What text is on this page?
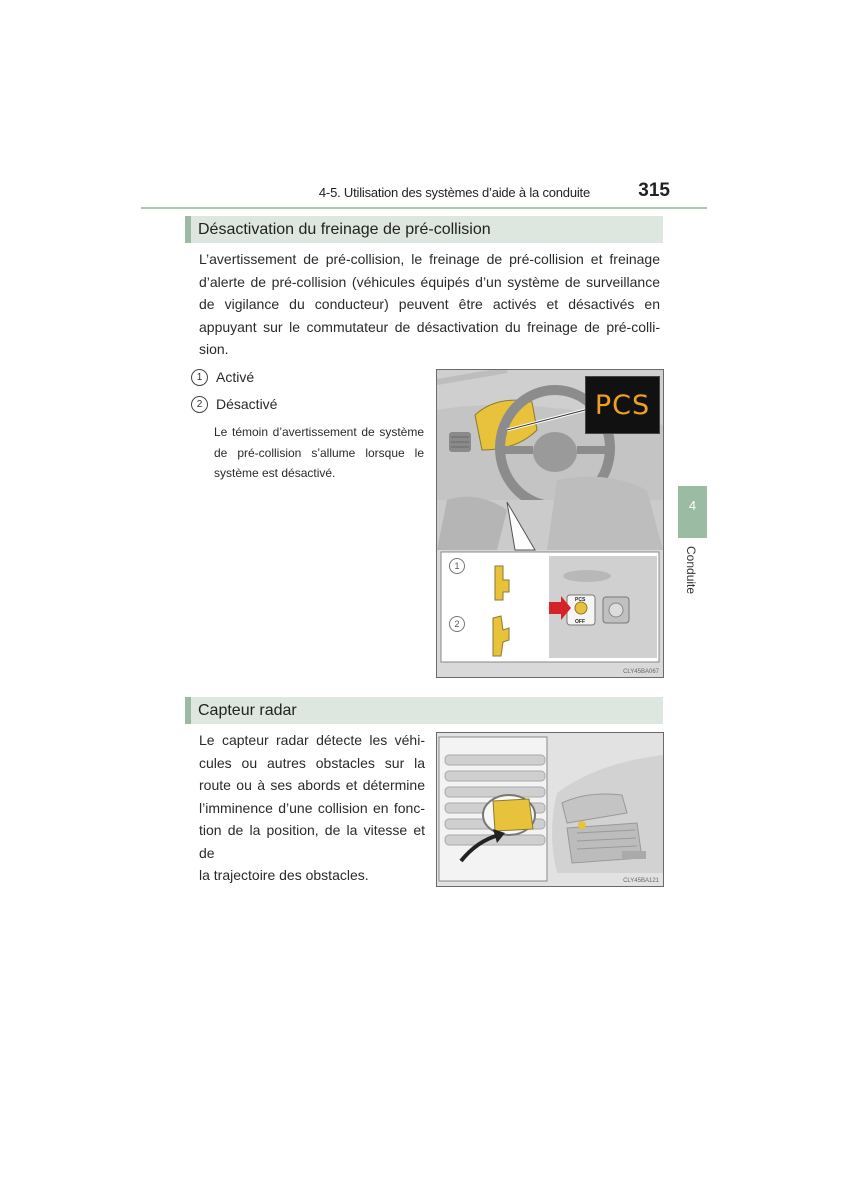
4-5. Utilisation des systèmes d’aide à la conduite	315
Désactivation du freinage de pré-collision
L’avertissement de pré-collision, le freinage de pré-collision et freinage
d’alerte de pré-collision (véhicules équipés d’un système de surveillance
de vigilance du conducteur) peuvent être activés et désactivés en
appuyant sur le commutateur de désactivation du freinage de pré-colli-
sion.
1 Activé
2 Désactivé
Le témoin d’avertissement de système
de pré-collision s’allume lorsque le
système est désactivé.
PCS
PCS
OFF
1
2
CLY45BA067
4
Conduite
Capteur radar
Le capteur radar détecte les véhi-
cules ou autres obstacles sur la
route ou à ses abords et détermine
l’imminence d’une collision en fonc-
tion de la position, de la vitesse et de
la trajectoire des obstacles.	CLY45BA121
